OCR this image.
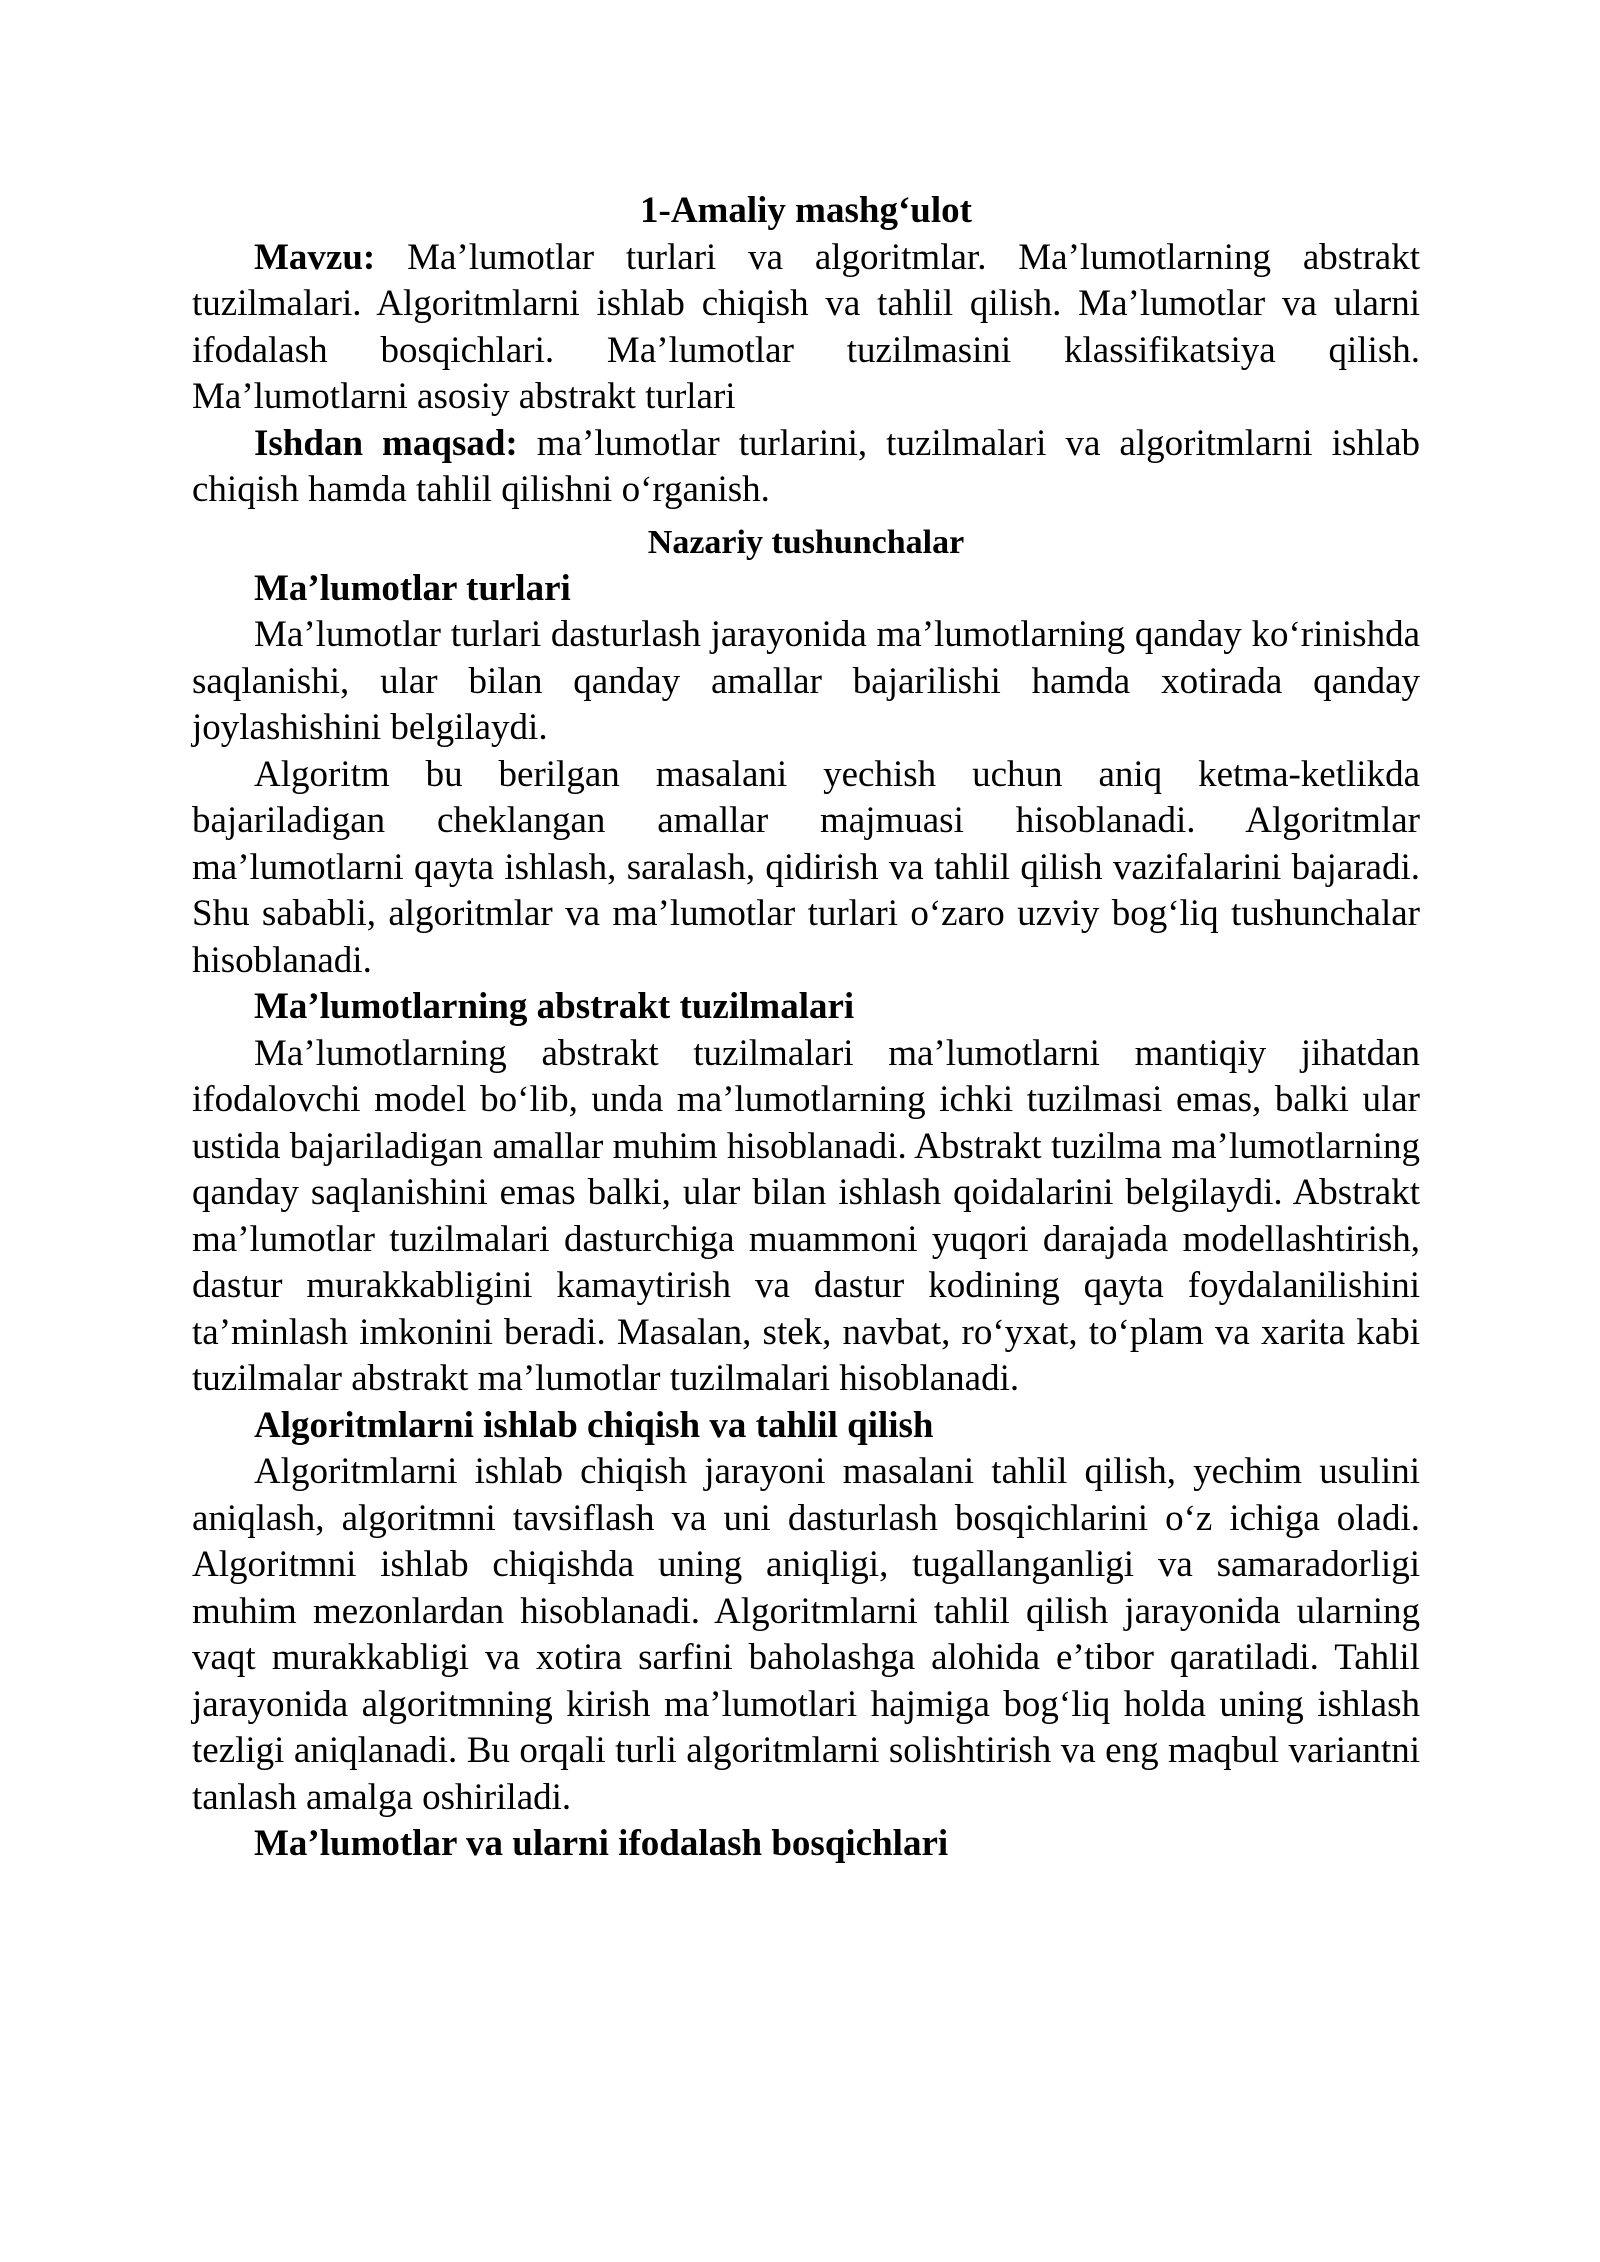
1-Amaliy mashg‘ulot

Mavzu: Ma’lumotlar turlari va algoritmlar. Ma’lumotlarning abstrakt tuzilmalari. Algoritmlarni ishlab chiqish va tahlil qilish. Ma’lumotlar va ularni ifodalash bosqichlari. Ma’lumotlar tuzilmasini klassifikatsiya qilish. Ma’lumotlarni asosiy abstrakt turlari

Ishdan maqsad: ma’lumotlar turlarini, tuzilmalari va algoritmlarni ishlab chiqish hamda tahlil qilishni o‘rganish.

Nazariy tushunchalar
Ma’lumotlar turlari

Ma’lumotlar turlari dasturlash jarayonida ma’lumotlarning qanday ko‘rinishda saqlanishi, ular bilan qanday amallar bajarilishi hamda xotirada qanday joylashishini belgilaydi.

Algoritm bu berilgan masalani yechish uchun aniq ketma-ketlikda bajariladigan cheklangan amallar majmuasi hisoblanadi. Algoritmlar ma’lumotlarni qayta ishlash, saralash, qidirish va tahlil qilish vazifalarini bajaradi. Shu sababli, algoritmlar va ma’lumotlar turlari o‘zaro uzviy bog‘liq tushunchalar hisoblanadi.

Ma’lumotlarning abstrakt tuzilmalari

Ma’lumotlarning abstrakt tuzilmalari ma’lumotlarni mantiqiy jihatdan ifodalovchi model bo‘lib, unda ma’lumotlarning ichki tuzilmasi emas, balki ular ustida bajariladigan amallar muhim hisoblanadi. Abstrakt tuzilma ma’lumotlarning qanday saqlanishini emas balki, ular bilan ishlash qoidalarini belgilaydi. Abstrakt ma’lumotlar tuzilmalari dasturchiga muammoni yuqori darajada modellashtirish, dastur murakkabligini kamaytirish va dastur kodining qayta foydalanilishini ta’minlash imkonini beradi. Masalan, stek, navbat, ro‘yxat, to‘plam va xarita kabi tuzilmalar abstrakt ma’lumotlar tuzilmalari hisoblanadi.

Algoritmlarni ishlab chiqish va tahlil qilish

Algoritmlarni ishlab chiqish jarayoni masalani tahlil qilish, yechim usulini aniqlash, algoritmni tavsiflash va uni dasturlash bosqichlarini o‘z ichiga oladi. Algoritmni ishlab chiqishda uning aniqligi, tugallanganligi va samaradorligi muhim mezonlardan hisoblanadi. Algoritmlarni tahlil qilish jarayonida ularning vaqt murakkabligi va xotira sarfini baholashga alohida e’tibor qaratiladi. Tahlil jarayonida algoritmning kirish ma’lumotlari hajmiga bog‘liq holda uning ishlash tezligi aniqlanadi. Bu orqali turli algoritmlarni solishtirish va eng maqbul variantni tanlash amalga oshiriladi.

Ma’lumotlar va ularni ifodalash bosqichlari
